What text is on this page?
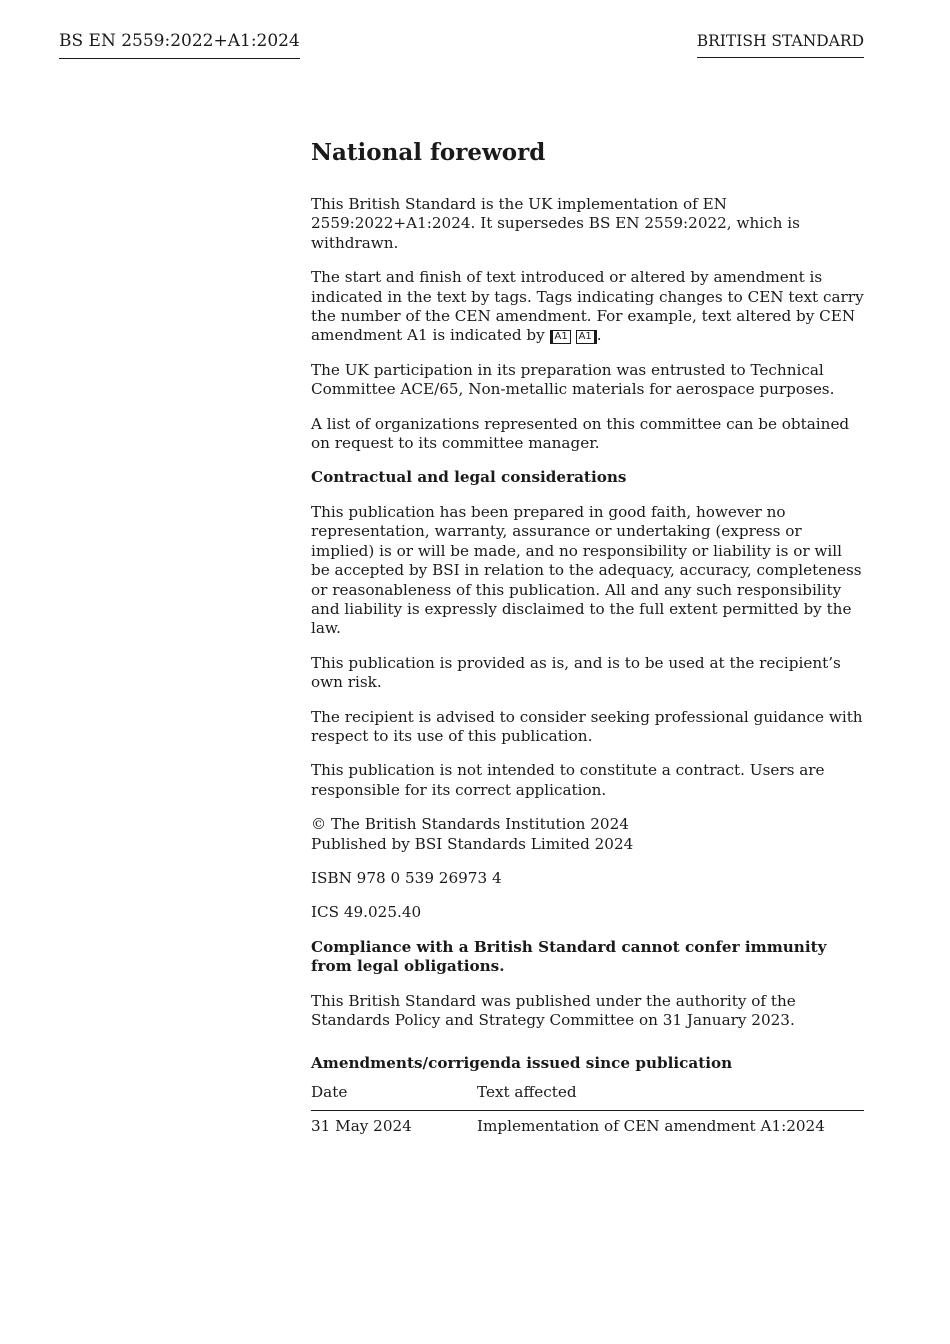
BS EN 2559:2022+A1:2024	BRITISH STANDARD
National foreword

This British Standard is the UK implementation of EN 2559:2022+A1:2024. It supersedes BS EN 2559:2022, which is withdrawn.

The start and finish of text introduced or altered by amendment is indicated in the text by tags. Tags indicating changes to CEN text carry the number of the CEN amendment. For example, text altered by CEN amendment A1 is indicated by A1 A1 .

The UK participation in its preparation was entrusted to Technical Committee ACE/65, Non-metallic materials for aerospace purposes.

A list of organizations represented on this committee can be obtained on request to its committee manager.

Contractual and legal considerations

This publication has been prepared in good faith, however no representation, warranty, assurance or undertaking (express or implied) is or will be made, and no responsibility or liability is or will be accepted by BSI in relation to the adequacy, accuracy, completeness or reasonableness of this publication. All and any such responsibility and liability is expressly disclaimed to the full extent permitted by the law.

This publication is provided as is, and is to be used at the recipient’s own risk.

The recipient is advised to consider seeking professional guidance with respect to its use of this publication.

This publication is not intended to constitute a contract. Users are responsible for its correct application.

© The British Standards Institution 2024
Published by BSI Standards Limited 2024

ISBN 978 0 539 26973 4

ICS 49.025.40

Compliance with a British Standard cannot confer immunity from legal obligations.

This British Standard was published under the authority of the Standards Policy and Strategy Committee on 31 January 2023.

Amendments/corrigenda issued since publication
Date	Text affected
31 May 2024	Implementation of CEN amendment A1:2024
